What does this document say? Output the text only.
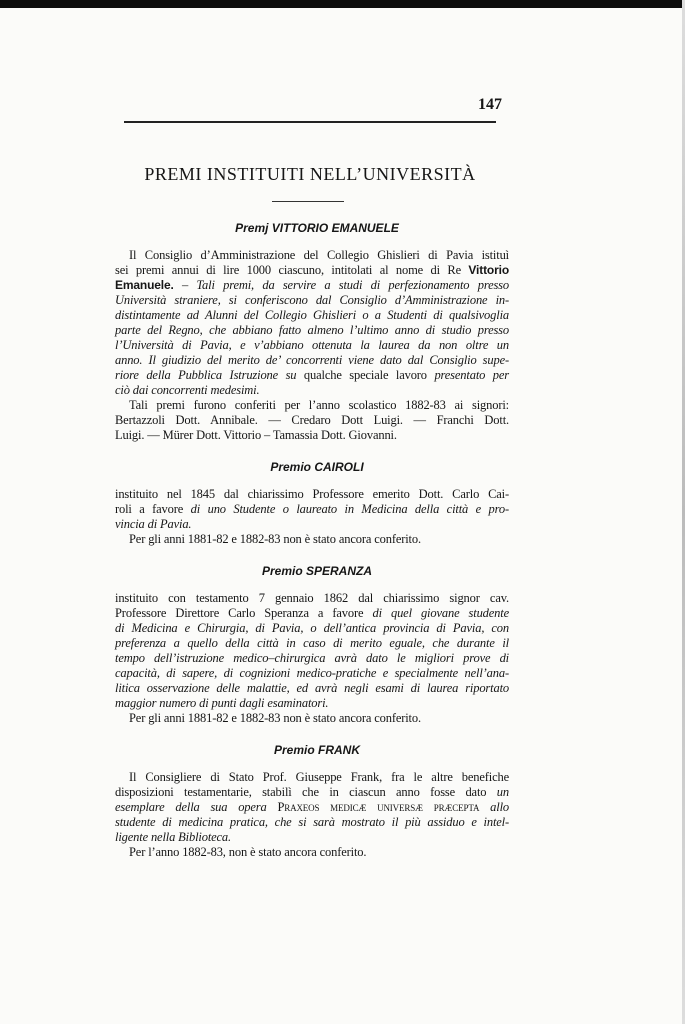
147
PREMI INSTITUITI NELL’UNIVERSITÀ
Premj VITTORIO EMANUELE
Il Consiglio d’Amministrazione del Collegio Ghislieri di Pavia istituì
sei premi annui di lire 1000 ciascuno, intitolati al nome di Re Vittorio
Emanuele. – Tali premi, da servire a studi di perfezionamento presso
Università straniere, si conferiscono dal Consiglio d’Amministrazione in-
distintamente ad Alunni del Collegio Ghislieri o a Studenti di qualsivoglia
parte del Regno, che abbiano fatto almeno l’ultimo anno di studio presso
l’Università di Pavia, e v’abbiano ottenuta la laurea da non oltre un
anno. Il giudizio del merito de’ concorrenti viene dato dal Consiglio supe-
riore della Pubblica Istruzione su qualche speciale lavoro presentato per
ciò dai concorrenti medesimi.
Tali premi furono conferiti per l’anno scolastico 1882-83 ai signori:
Bertazzoli Dott. Annibale. — Credaro Dott Luigi. — Franchi Dott.
Luigi. — Mürer Dott. Vittorio – Tamassia Dott. Giovanni.
Premio CAIROLI
instituito nel 1845 dal chiarissimo Professore emerito Dott. Carlo Cai-
roli a favore di uno Studente o laureato in Medicina della città e pro-
vincia di Pavia.
Per gli anni 1881-82 e 1882-83 non è stato ancora conferito.
Premio SPERANZA
instituito con testamento 7 gennaio 1862 dal chiarissimo signor cav.
Professore Direttore Carlo Speranza a favore di quel giovane studente
di Medicina e Chirurgia, di Pavia, o dell’antica provincia di Pavia, con
preferenza a quello della città in caso di merito eguale, che durante il
tempo dell’istruzione medico–chirurgica avrà dato le migliori prove di
capacità, di sapere, di cognizioni medico-pratiche e specialmente nell’ana-
litica osservazione delle malattie, ed avrà negli esami di laurea riportato
maggior numero di punti dagli esaminatori.
Per gli anni 1881-82 e 1882-83 non è stato ancora conferito.
Premio FRANK
Il Consigliere di Stato Prof. Giuseppe Frank, fra le altre benefiche
disposizioni testamentarie, stabilì che in ciascun anno fosse dato un
esemplare della sua opera Praxeos medicæ universæ præcepta allo
studente di medicina pratica, che si sarà mostrato il più assiduo e intel-
ligente nella Biblioteca.
Per l’anno 1882-83, non è stato ancora conferito.
